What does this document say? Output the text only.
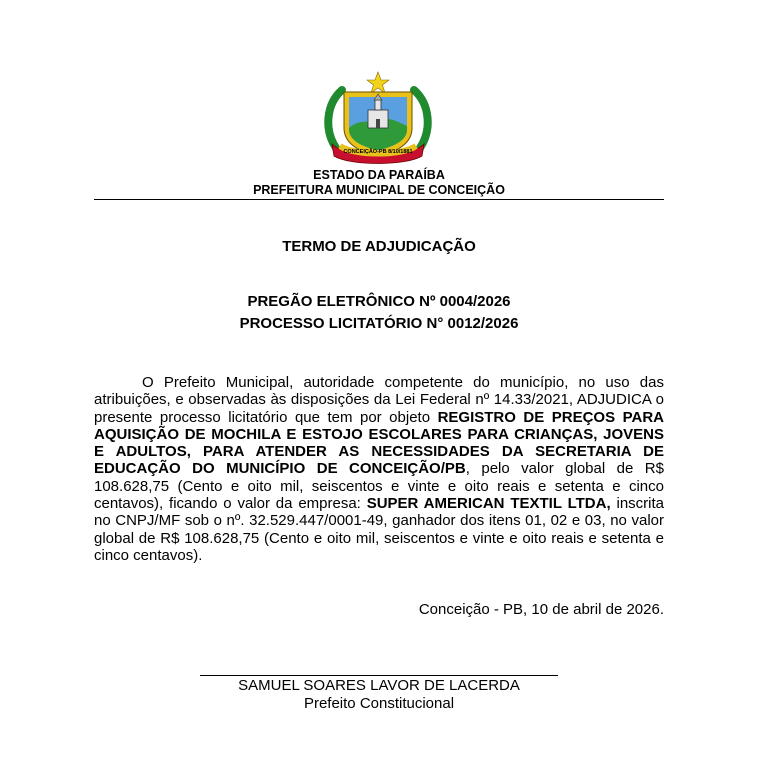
CONCEIÇÃO-PB 8/10/1881
ESTADO DA PARAÍBA
PREFEITURA MUNICIPAL DE CONCEIÇÃO
TERMO DE ADJUDICAÇÃO
PREGÃO ELETRÔNICO Nº 0004/2026
PROCESSO LICITATÓRIO N° 0012/2026
O Prefeito Municipal, autoridade competente do município, no uso das atribuições, e observadas às disposições da Lei Federal nº 14.33/2021, ADJUDICA o presente processo licitatório que tem por objeto REGISTRO DE PREÇOS PARA AQUISIÇÃO DE MOCHILA E ESTOJO ESCOLARES PARA CRIANÇAS, JOVENS E ADULTOS, PARA ATENDER AS NECESSIDADES DA SECRETARIA DE EDUCAÇÃO DO MUNICÍPIO DE CONCEIÇÃO/PB, pelo valor global de R$ 108.628,75 (Cento e oito mil, seiscentos e vinte e oito reais e setenta e cinco centavos), ficando o valor da empresa: SUPER AMERICAN TEXTIL LTDA, inscrita no CNPJ/MF sob o nº. 32.529.447/0001-49, ganhador dos itens 01, 02 e 03, no valor global de R$ 108.628,75 (Cento e oito mil, seiscentos e vinte e oito reais e setenta e cinco centavos).
Conceição - PB, 10 de abril de 2026.
SAMUEL SOARES LAVOR DE LACERDA
Prefeito Constitucional
